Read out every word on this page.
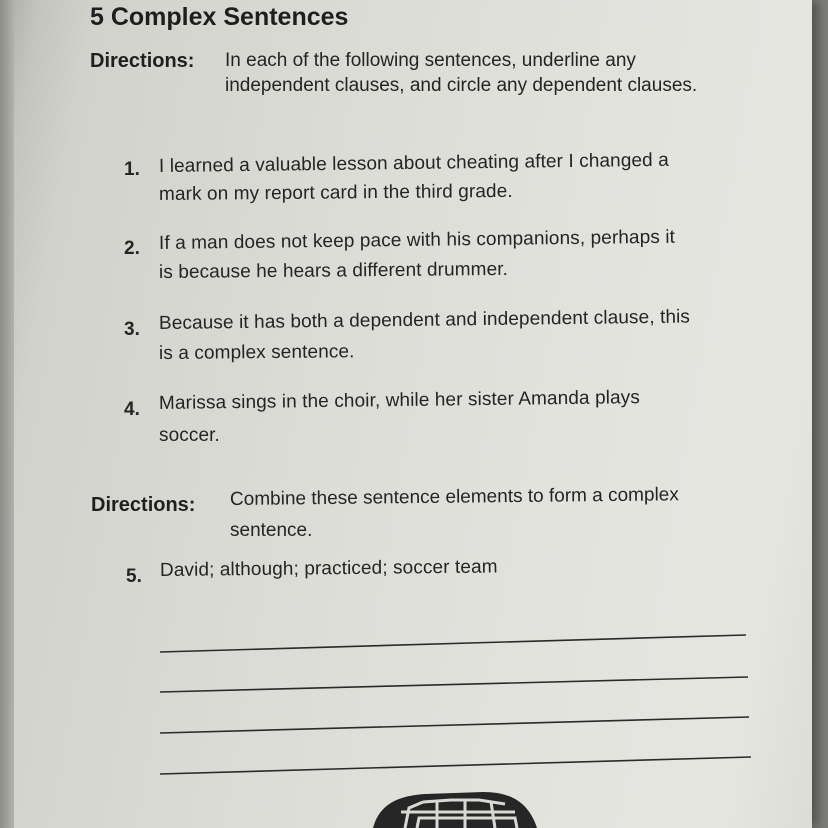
5 Complex Sentences
Directions: In each of the following sentences, underline any
independent clauses, and circle any dependent clauses.
1. I learned a valuable lesson about cheating after I changed a
mark on my report card in the third grade.
2. If a man does not keep pace with his companions, perhaps it
is because he hears a different drummer.
3. Because it has both a dependent and independent clause, this
is a complex sentence.
4. Marissa sings in the choir, while her sister Amanda plays
soccer.
Directions: Combine these sentence elements to form a complex
sentence.
5. David; although; practiced; soccer team
